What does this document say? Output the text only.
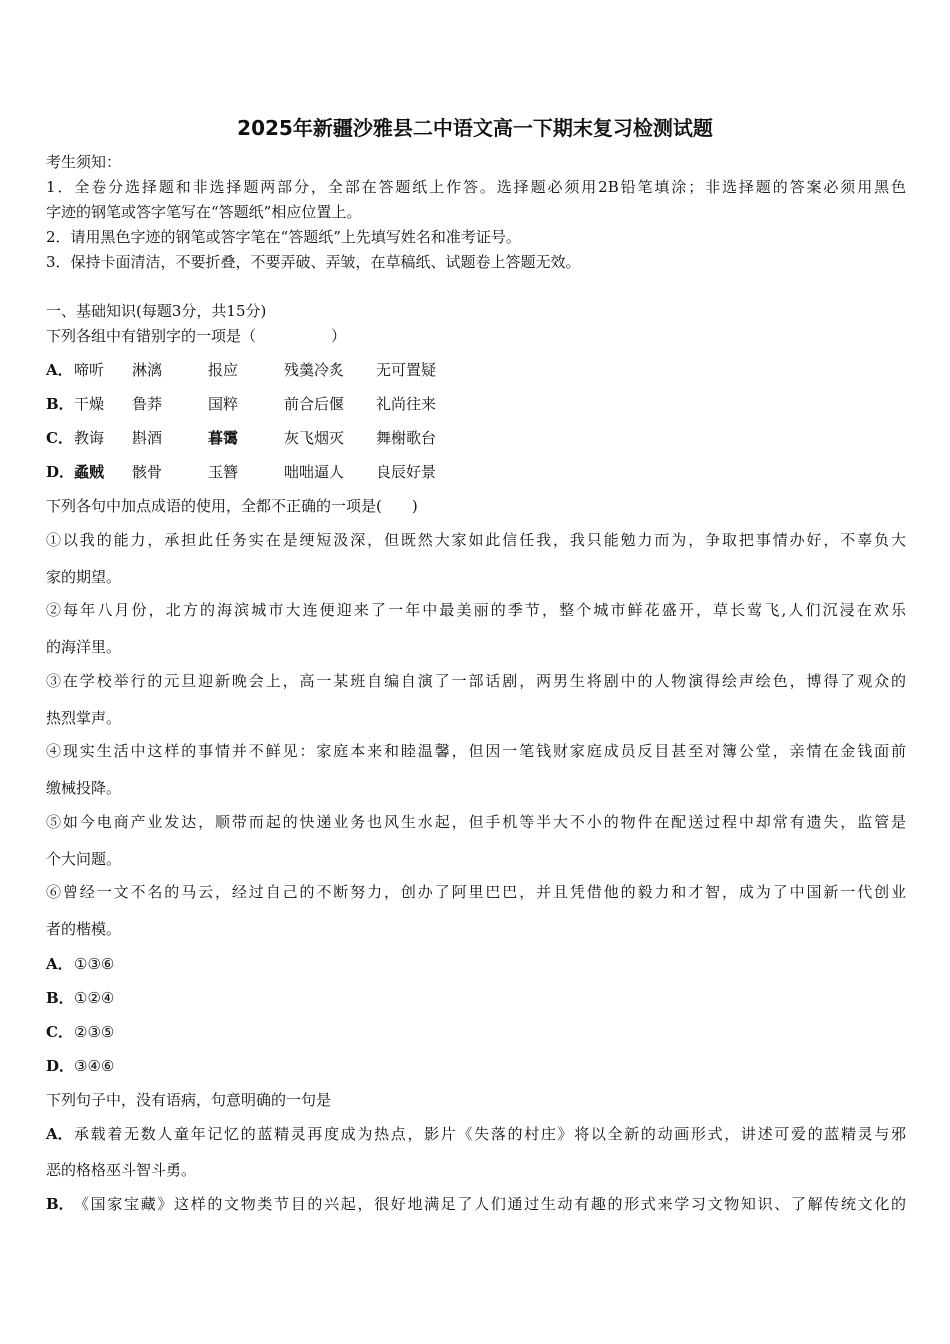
2025年新疆沙雅县二中语文高一下期末复习检测试题
考生须知：
1．全卷分选择题和非选择题两部分，全部在答题纸上作答。选择题必须用2B铅笔填涂；非选择题的答案必须用黑色
字迹的钢笔或答字笔写在“答题纸”相应位置上。
2．请用黑色字迹的钢笔或答字笔在“答题纸”上先填写姓名和准考证号。
3．保持卡面清洁，不要折叠，不要弄破、弄皱，在草稿纸、试题卷上答题无效。
一、基础知识(每题3分，共15分)
下列各组中有错别字的一项是（　　　　　）
A．啼听 淋漓	报应	残羹冷炙 无可置疑
B．干燥 鲁莽	国粹	前合后偃 礼尚往来
C．教诲 斟酒	暮霭	灰飞烟灭 舞榭歌台
D．蟊贼 骸骨	玉簪	咄咄逼人 良辰好景
下列各句中加点成语的使用，全都不正确的一项是(　　)
①以我的能力，承担此任务实在是绠短汲深，但既然大家如此信任我，我只能勉力而为，争取把事情办好，不辜负大
家的期望。
②每年八月份，北方的海滨城市大连便迎来了一年中最美丽的季节，整个城市鲜花盛开，草长莺飞,人们沉浸在欢乐
的海洋里。
③在学校举行的元旦迎新晚会上，高一某班自编自演了一部话剧，两男生将剧中的人物演得绘声绘色，博得了观众的
热烈掌声。
④现实生活中这样的事情并不鲜见：家庭本来和睦温馨，但因一笔钱财家庭成员反目甚至对簿公堂，亲情在金钱面前
缴械投降。
⑤如今电商产业发达，顺带而起的快递业务也风生水起，但手机等半大不小的物件在配送过程中却常有遗失，监管是
个大问题。
⑥曾经一文不名的马云，经过自己的不断努力，创办了阿里巴巴，并且凭借他的毅力和才智，成为了中国新一代创业
者的楷模。
A．①③⑥
B．①②④
C．②③⑤
D．③④⑥
下列句子中，没有语病，句意明确的一句是
A．承载着无数人童年记忆的蓝精灵再度成为热点，影片《失落的村庄》将以全新的动画形式，讲述可爱的蓝精灵与邪
恶的格格巫斗智斗勇。
B．《国家宝藏》这样的文物类节目的兴起，很好地满足了人们通过生动有趣的形式来学习文物知识、了解传统文化的
